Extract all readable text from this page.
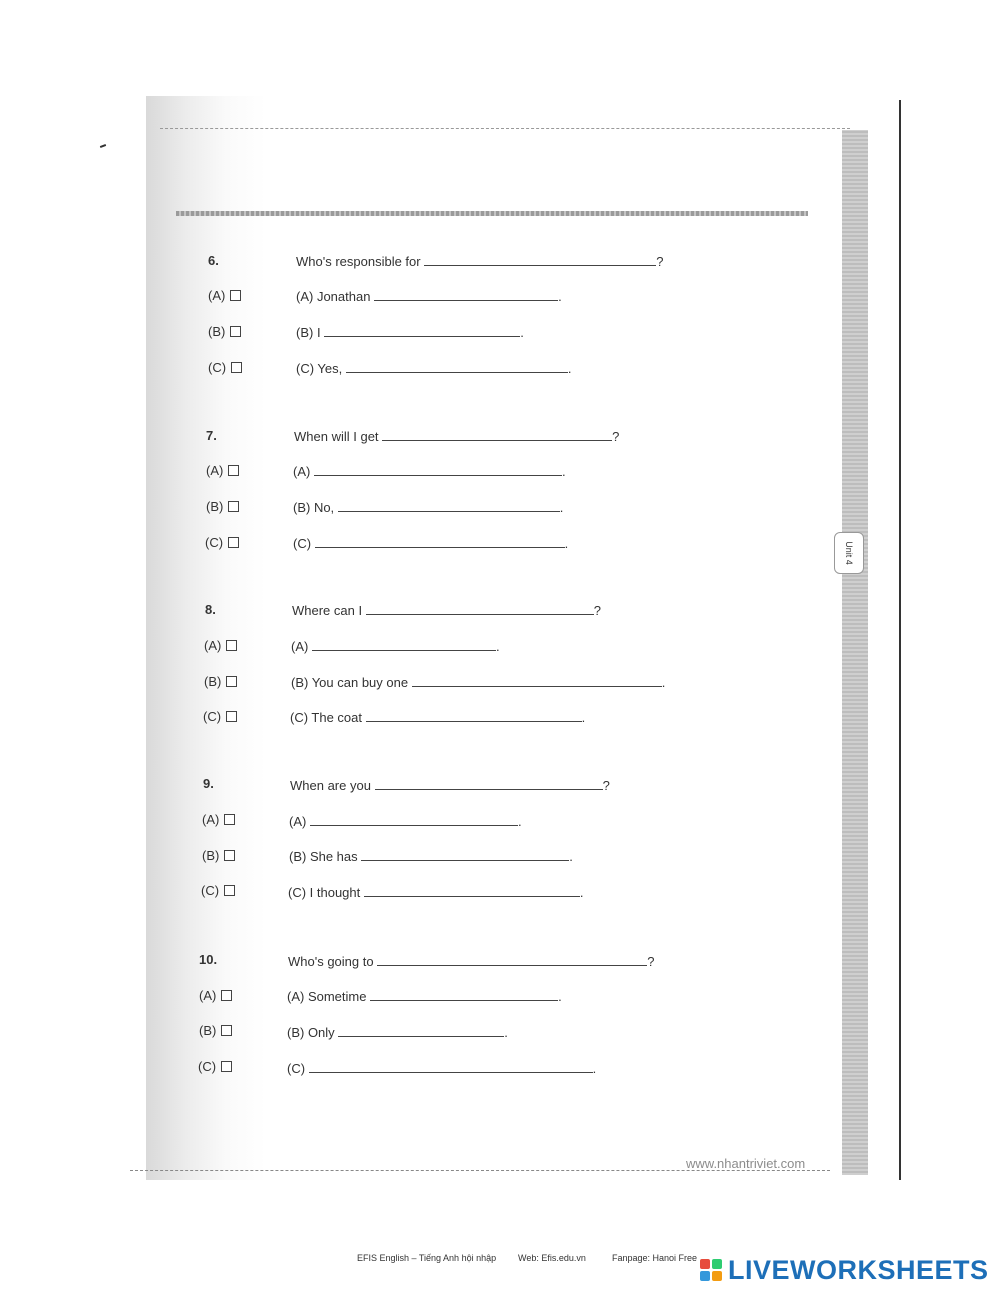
Unit 4
6.	Who's responsible for	?
(A)	(A) Jonathan	.
(B)	(B) I	.
(C)	(C) Yes,	.
7.	When will I get	?
(A)	(A)	.
(B)	(B) No,	.
(C)	(C)	.
8.	Where can I	?
(A)	(A)	.
(B)	(B) You can buy one	.
(C)	(C) The coat	.
9.	When are you	?
(A)	(A)	.
(B)	(B) She has	.
(C)	(C) I thought	.
10.	Who's going to	?
(A)	(A) Sometime	.
(B)	(B) Only	.
(C)	(C)	.
www.nhantriviet.com
EFIS English – Tiếng Anh hội nhập Web: Efis.edu.vn	Fanpage: Hanoi Free LIVEWORKSHEETS
